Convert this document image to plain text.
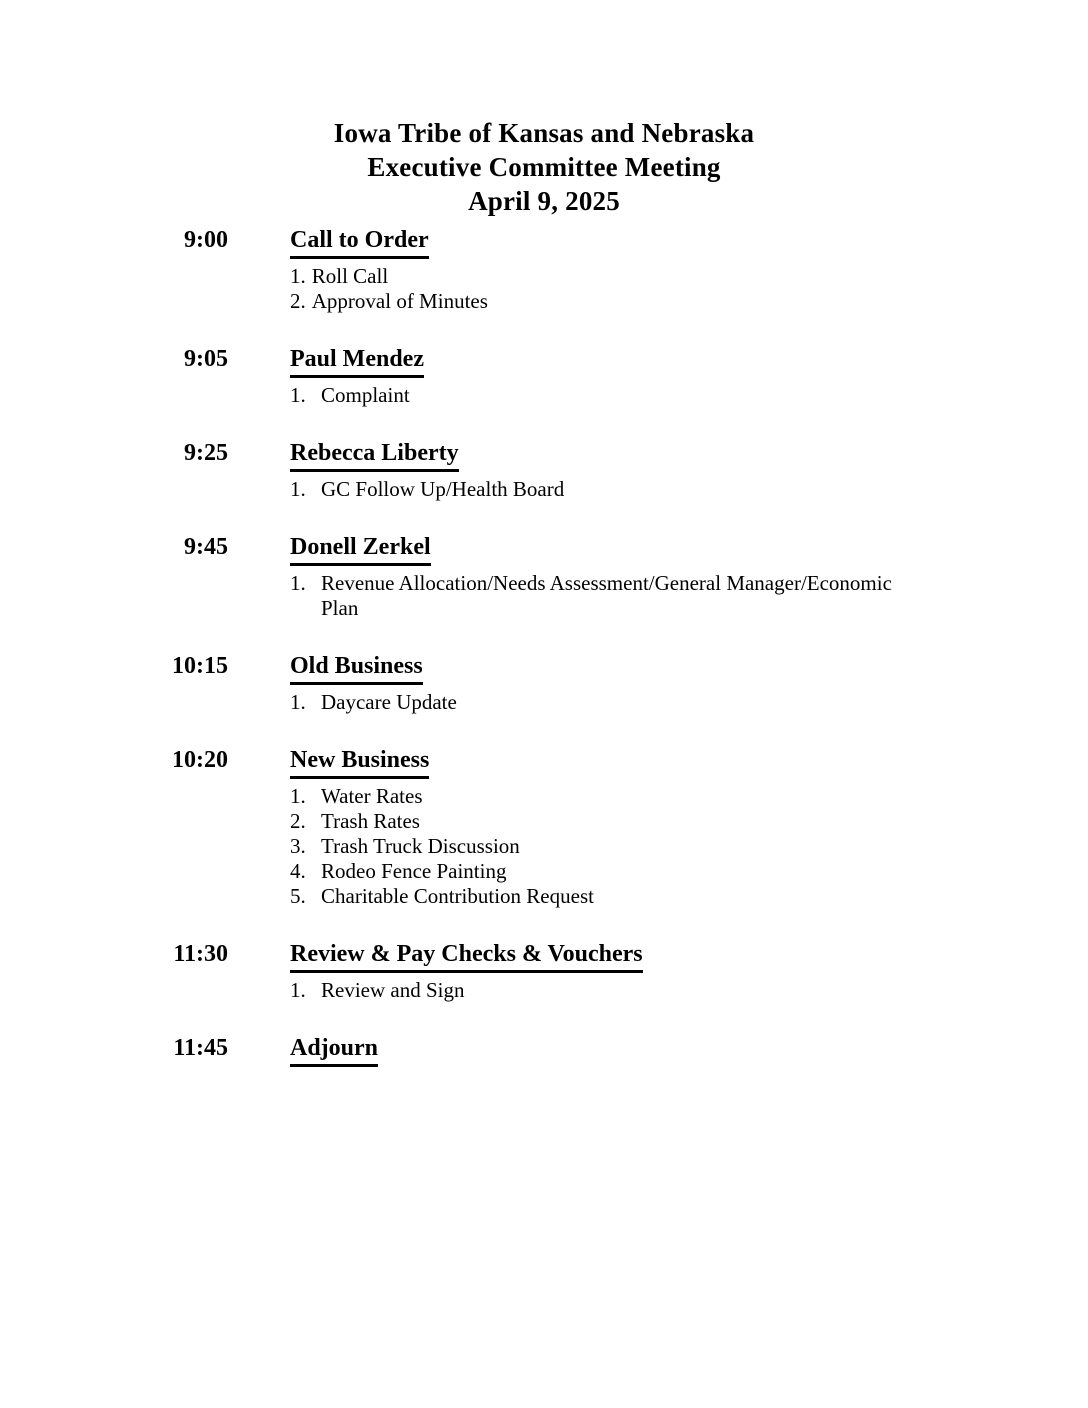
Iowa Tribe of Kansas and Nebraska
Executive Committee Meeting
April 9, 2025
9:00	Call to Order
1. Roll Call
2. Approval of Minutes
9:05	Paul Mendez
1. Complaint
9:25	Rebecca Liberty
1. GC Follow Up/Health Board
9:45	Donell Zerkel
1. Revenue Allocation/Needs Assessment/General Manager/Economic Plan
10:15	Old Business
1. Daycare Update
10:20	New Business
1. Water Rates
2. Trash Rates
3. Trash Truck Discussion
4. Rodeo Fence Painting
5. Charitable Contribution Request
11:30	Review & Pay Checks & Vouchers
1. Review and Sign
11:45	Adjourn
